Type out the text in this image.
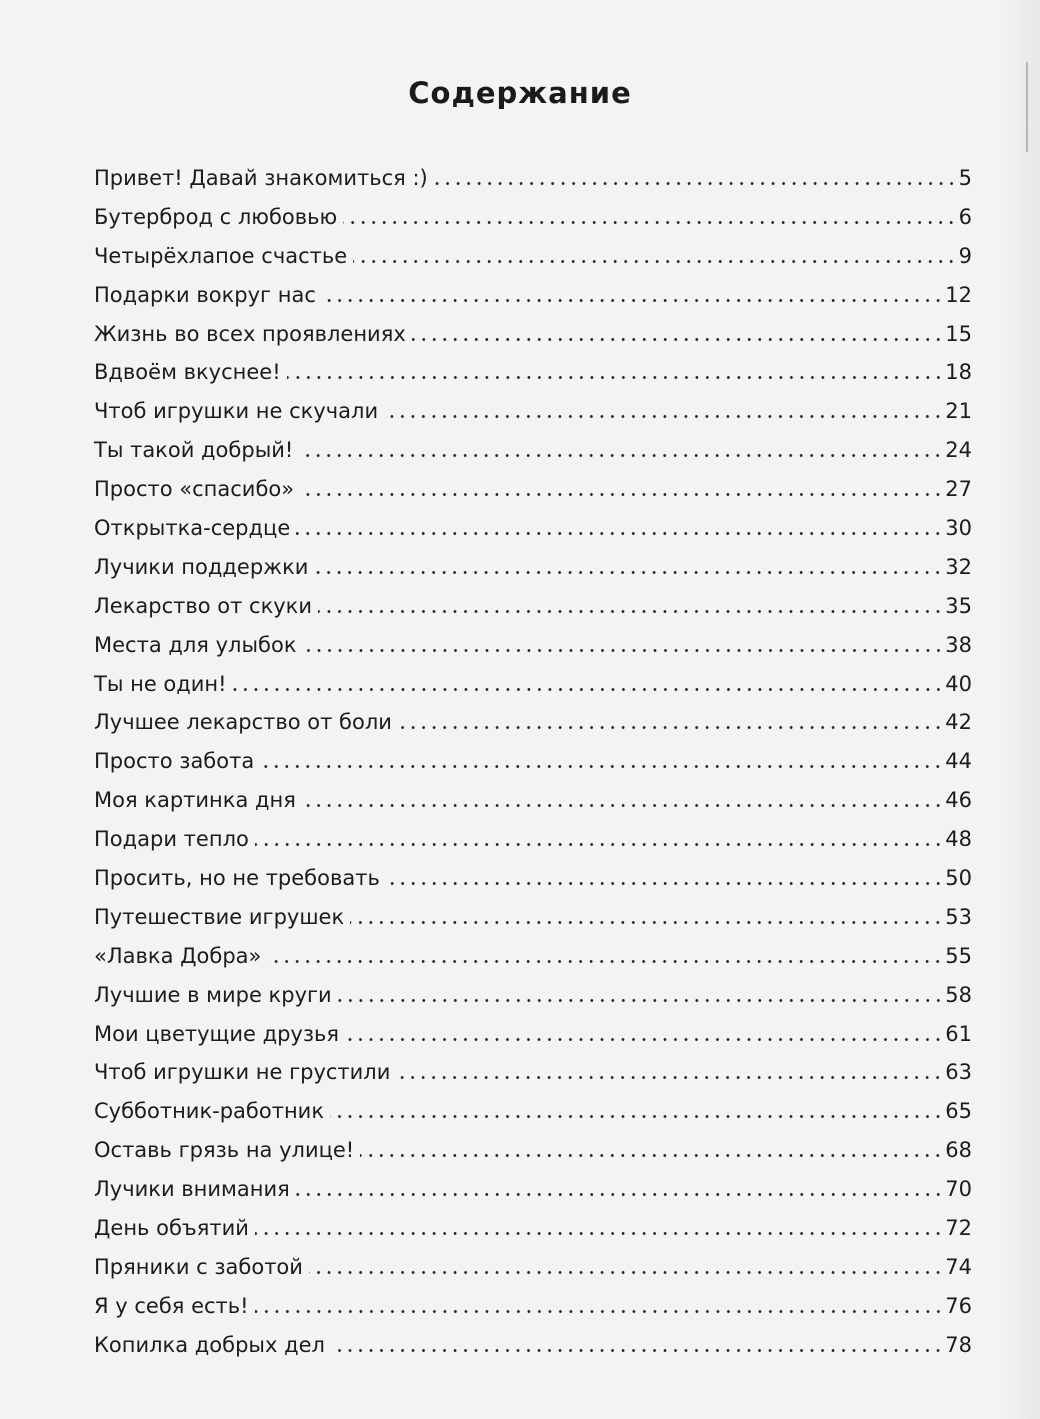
Содержание
Привет! Давай знакомиться :)	5
Бутерброд с любовью	6
Четырёхлапое счастье	9
Подарки вокруг нас	12
Жизнь во всех проявлениях	15
Вдвоём вкуснее!	18
Чтоб игрушки не скучали	21
Ты такой добрый!	24
Просто «спасибо»	27
Открытка-сердце	30
Лучики поддержки	32
Лекарство от скуки	35
Места для улыбок	38
Ты не один!	40
Лучшее лекарство от боли	42
Просто забота	44
Моя картинка дня	46
Подари тепло	48
Просить, но не требовать	50
Путешествие игрушек	53
«Лавка Добра»	55
Лучшие в мире круги	58
Мои цветущие друзья	61
Чтоб игрушки не грустили	63
Субботник-работник	65
Оставь грязь на улице!	68
Лучики внимания	70
День объятий	72
Пряники с заботой	74
Я у себя есть!	76
Копилка добрых дел	78
